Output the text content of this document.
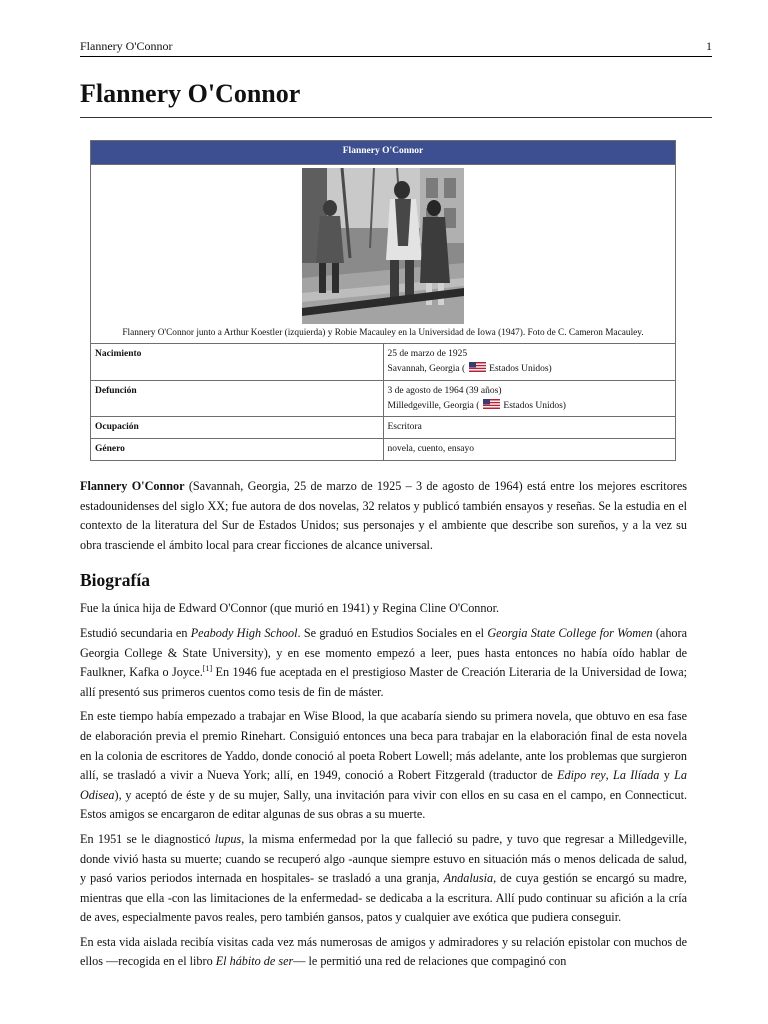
Flannery O'Connor	1
Flannery O'Connor
Flannery O'Connor	

Flannery O'Connor junto a Arthur Koestler (izquierda) y Robie Macauley en la Universidad de Iowa (1947). Foto de C. Cameron Macauley.	
Nacimiento	25 de marzo de 1925
Savannah, Georgia ( Estados Unidos)
Defunción	3 de agosto de 1964 (39 años)
Milledgeville, Georgia ( Estados Unidos)
Ocupación	Escritora
Género	novela, cuento, ensayo

Flannery O'Connor (Savannah, Georgia, 25 de marzo de 1925 – 3 de agosto de 1964) está entre los mejores escritores estadounidenses del siglo XX; fue autora de dos novelas, 32 relatos y publicó también ensayos y reseñas. Se la estudia en el contexto de la literatura del Sur de Estados Unidos; sus personajes y el ambiente que describe son sureños, y a la vez su obra trasciende el ámbito local para crear ficciones de alcance universal.

Biografía

Fue la única hija de Edward O'Connor (que murió en 1941) y Regina Cline O'Connor.

Estudió secundaria en Peabody High School. Se graduó en Estudios Sociales en el Georgia State College for Women (ahora Georgia College & State University), y en ese momento empezó a leer, pues hasta entonces no había oído hablar de Faulkner, Kafka o Joyce.[1] En 1946 fue aceptada en el prestigioso Master de Creación Literaria de la Universidad de Iowa; allí presentó sus primeros cuentos como tesis de fin de máster.

En este tiempo había empezado a trabajar en Wise Blood, la que acabaría siendo su primera novela, que obtuvo en esa fase de elaboración previa el premio Rinehart. Consiguió entonces una beca para trabajar en la elaboración final de esta novela en la colonia de escritores de Yaddo, donde conoció al poeta Robert Lowell; más adelante, ante los problemas que surgieron allí, se trasladó a vivir a Nueva York; allí, en 1949, conoció a Robert Fitzgerald (traductor de Edipo rey, La Ilíada y La Odisea), y aceptó de éste y de su mujer, Sally, una invitación para vivir con ellos en su casa en el campo, en Connecticut. Estos amigos se encargaron de editar algunas de sus obras a su muerte.

En 1951 se le diagnosticó lupus, la misma enfermedad por la que falleció su padre, y tuvo que regresar a Milledgeville, donde vivió hasta su muerte; cuando se recuperó algo -aunque siempre estuvo en situación más o menos delicada de salud, y pasó varios periodos internada en hospitales- se trasladó a una granja, Andalusia, de cuya gestión se encargó su madre, mientras que ella -con las limitaciones de la enfermedad- se dedicaba a la escritura. Allí pudo continuar su afición a la cría de aves, especialmente pavos reales, pero también gansos, patos y cualquier ave exótica que pudiera conseguir.

En esta vida aislada recibía visitas cada vez más numerosas de amigos y admiradores y su relación epistolar con muchos de ellos —recogida en el libro El hábito de ser— le permitió una red de relaciones que compaginó con
